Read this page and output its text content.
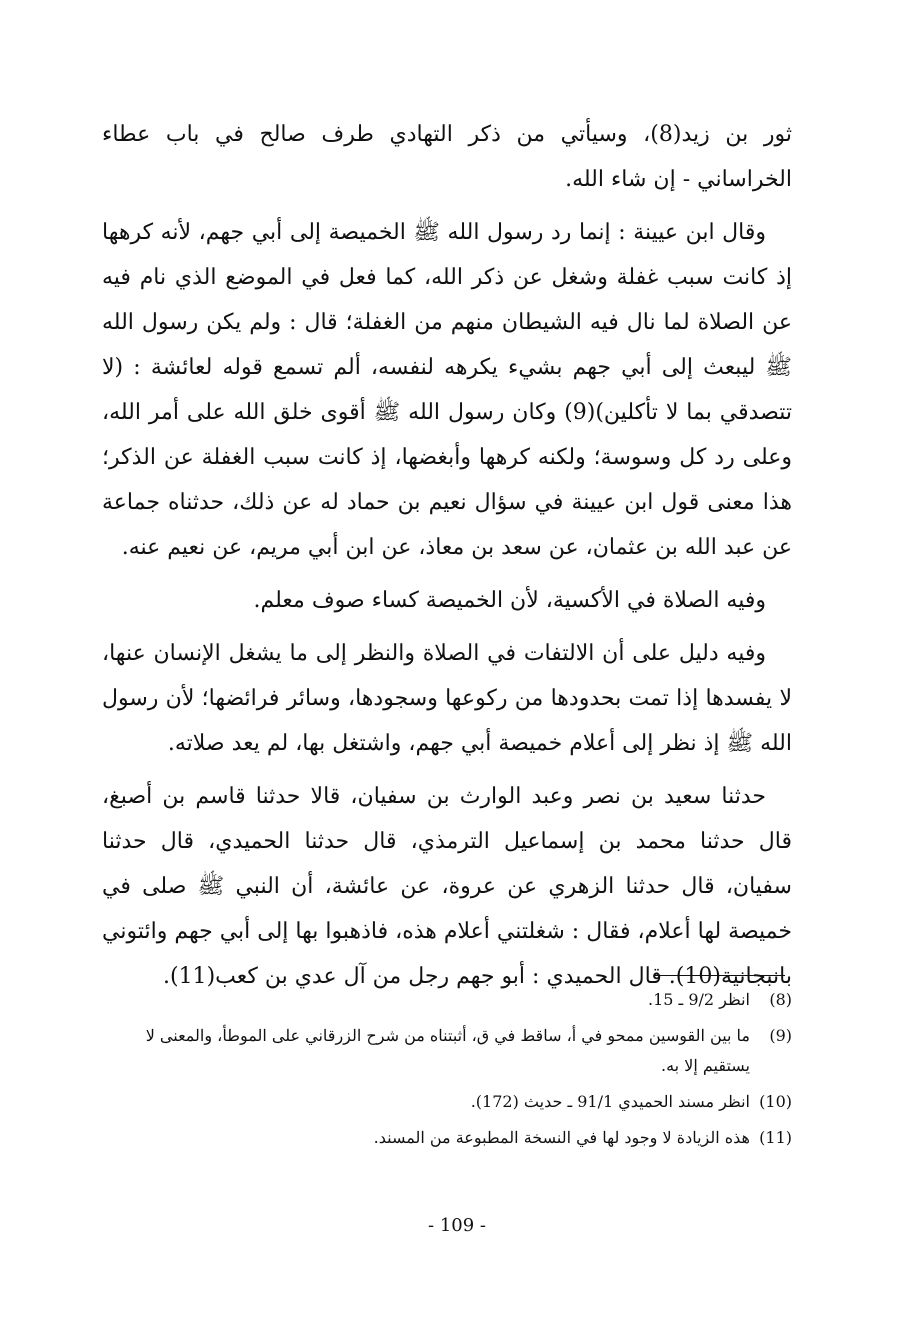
ثور بن زيد(8)، وسيأتي من ذكر التهادي طرف صالح في باب عطاء الخراساني - إن شاء الله.

وقال ابن عيينة : إنما رد رسول الله ﷺ الخميصة إلى أبي جهم، لأنه كرهها إذ كانت سبب غفلة وشغل عن ذكر الله، كما فعل في الموضع الذي نام فيه عن الصلاة لما نال فيه الشيطان منهم من الغفلة؛ قال : ولم يكن رسول الله ﷺ ليبعث إلى أبي جهم بشيء يكرهه لنفسه، ألم تسمع قوله لعائشة : (لا تتصدقي بما لا تأكلين)(9) وكان رسول الله ﷺ أقوى خلق الله على أمر الله، وعلى رد كل وسوسة؛ ولكنه كرهها وأبغضها، إذ كانت سبب الغفلة عن الذكر؛ هذا معنى قول ابن عيينة في سؤال نعيم بن حماد له عن ذلك، حدثناه جماعة عن عبد الله بن عثمان، عن سعد بن معاذ، عن ابن أبي مريم، عن نعيم عنه.

وفيه الصلاة في الأكسية، لأن الخميصة كساء صوف معلم.

وفيه دليل على أن الالتفات في الصلاة والنظر إلى ما يشغل الإنسان عنها، لا يفسدها إذا تمت بحدودها من ركوعها وسجودها، وسائر فرائضها؛ لأن رسول الله ﷺ إذ نظر إلى أعلام خميصة أبي جهم، واشتغل بها، لم يعد صلاته.

حدثنا سعيد بن نصر وعبد الوارث بن سفيان، قالا حدثنا قاسم بن أصبغ، قال حدثنا محمد بن إسماعيل الترمذي، قال حدثنا الحميدي، قال حدثنا سفيان، قال حدثنا الزهري عن عروة، عن عائشة، أن النبي ﷺ صلى في خميصة لها أعلام، فقال : شغلتني أعلام هذه، فاذهبوا بها إلى أبي جهم وائتوني بانبجانية(10). قال الحميدي : أبو جهم رجل من آل عدي بن كعب(11).

(8)
انظر 9/2 ـ 15.
(9)
ما بين القوسين ممحو في أ، ساقط في ق، أثبتناه من شرح الزرقاني على الموطأ، والمعنى لا يستقيم إلا به.
(10)
انظر مسند الحميدي 91/1 ـ حديث (172).
(11)
هذه الزيادة لا وجود لها في النسخة المطبوعة من المسند.
- 109 -
